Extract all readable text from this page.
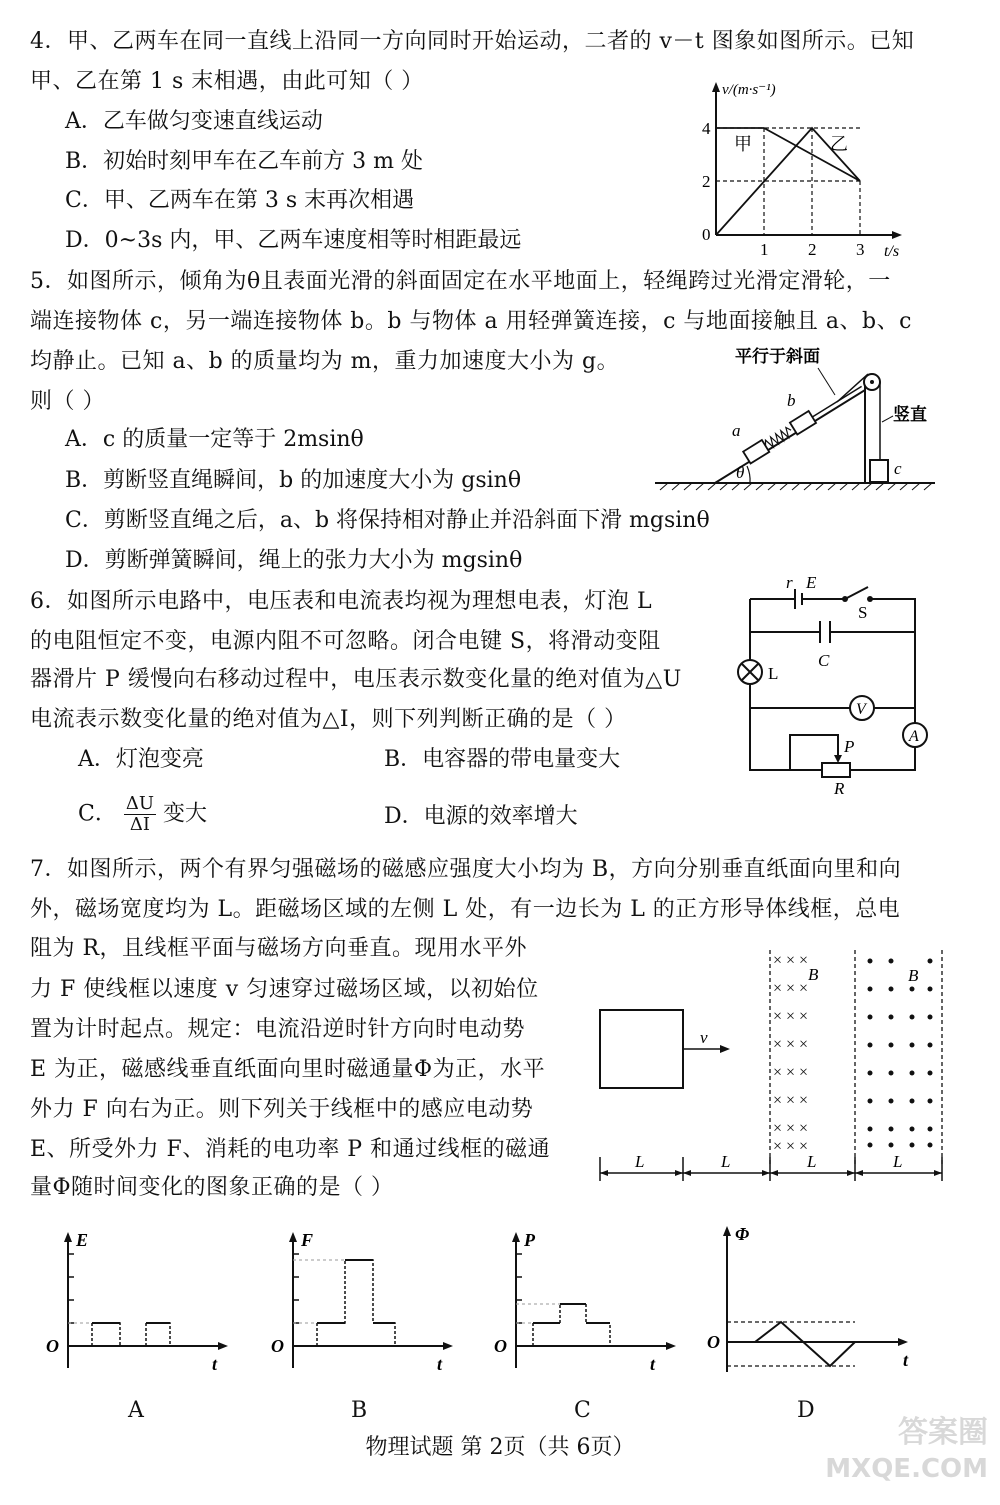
4．甲、乙两车在同一直线上沿同一方向同时开始运动，二者的 v－t 图象如图所示。已知
甲、乙在第 1 s 末相遇，由此可知（ ）
A．乙车做匀变速直线运动
B．初始时刻甲车在乙车前方 3 m 处
C．甲、乙两车在第 3 s 末再次相遇
D．0~3s 内，甲、乙两车速度相等时相距最远
v/(m·s⁻¹)
4
2
0
1 2 3 t/s
甲	乙
5．如图所示，倾角为θ且表面光滑的斜面固定在水平地面上，轻绳跨过光滑定滑轮，一
端连接物体 c，另一端连接物体 b。b 与物体 a 用轻弹簧连接，c 与地面接触且 a、b、c
均静止。已知 a、b 的质量均为 m，重力加速度大小为 g。
则（ ）
A．c 的质量一定等于 2msinθ
B．剪断竖直绳瞬间，b 的加速度大小为 gsinθ
C．剪断竖直绳之后，a、b 将保持相对静止并沿斜面下滑 mgsinθ
D．剪断弹簧瞬间，绳上的张力大小为 mgsinθ
θ
平行于斜面
竖直
a
b
c
6．如图所示电路中，电压表和电流表均视为理想电表，灯泡 L
的电阻恒定不变，电源内阻不可忽略。闭合电键 S，将滑动变阻
器滑片 P 缓慢向右移动过程中，电压表示数变化量的绝对值为△U
电流表示数变化量的绝对值为△I，则下列判断正确的是（ ）
A．灯泡变亮	B．电容器的带电量变大
C． $\frac{\Delta U}{\Delta I}$ 变大	D．电源的效率增大
r E
S
C
L
V
A
P
R
7．如图所示，两个有界匀强磁场的磁感应强度大小均为 B，方向分别垂直纸面向里和向
外，磁场宽度均为 L。距磁场区域的左侧 L 处，有一边长为 L 的正方形导体线框，总电
阻为 R，且线框平面与磁场方向垂直。现用水平外
力 F 使线框以速度 v 匀速穿过磁场区域，以初始位
置为计时起点。规定：电流沿逆时针方向时电动势
E 为正，磁感线垂直纸面向里时磁通量Φ为正，水平
外力 F 向右为正。则下列关于线框中的感应电动势
E、所受外力 F、消耗的电功率 P 和通过线框的磁通
量Φ随时间变化的图象正确的是（ ）
v
× × ×
× × ×
× × ×
× × ×
× × ×
× × ×
× × ×
× × ×
B	B
L	L	L	L
E
O
t
F
O
t
P
O
t
Φ
O
t
A	B	C	D
物理试题 第 2页（共 6页）	答案圈
MXQE.COM
